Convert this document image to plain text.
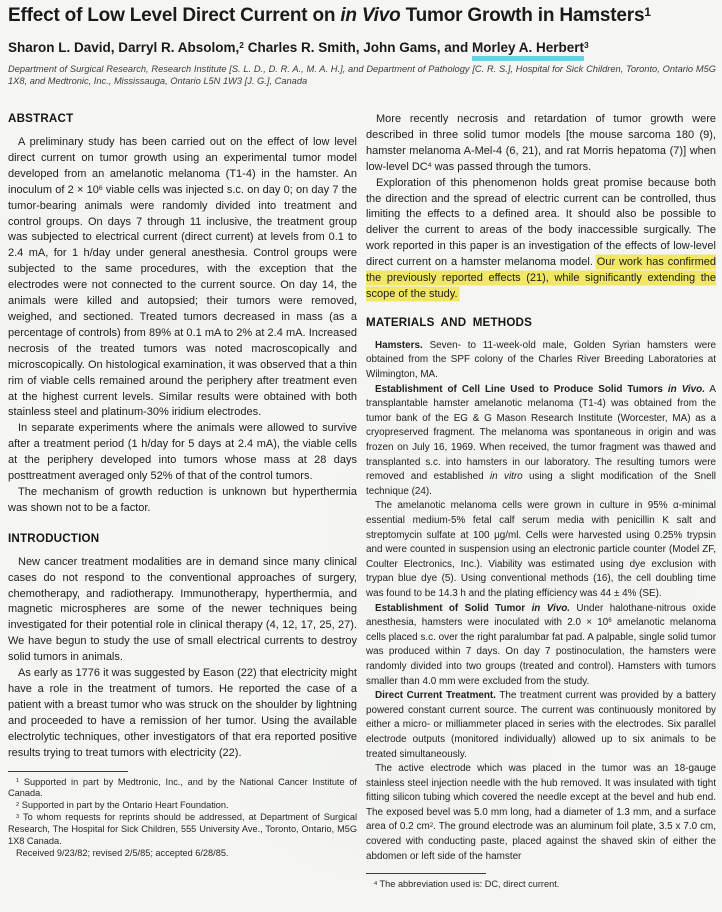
Effect of Low Level Direct Current on in Vivo Tumor Growth in Hamsters$^1$
Sharon L. David, Darryl R. Absolom,$^2$ Charles R. Smith, John Gams, and Morley A. Herbert$^3$
Department of Surgical Research, Research Institute [S. L. D., D. R. A., M. A. H.], and Department of Pathology [C. R. S.], Hospital for Sick Children, Toronto, Ontario M5G 1X8, and Medtronic, Inc., Mississauga, Ontario L5N 1W3 [J. G.], Canada
ABSTRACT

A preliminary study has been carried out on the effect of low level direct current on tumor growth using an experimental tumor model developed from an amelanotic melanoma (T1-4) in the hamster. An inoculum of $2 \times 10^6$ viable cells was injected s.c. on day 0; on day 7 the tumor-bearing animals were randomly divided into treatment and control groups. On days 7 through 11 inclusive, the treatment group was subjected to electrical current (direct current) at levels from 0.1 to 2.4 mA, for 1 h/day under general anesthesia. Control groups were subjected to the same procedures, with the exception that the electrodes were not connected to the current source. On day 14, the animals were killed and autopsied; their tumors were removed, weighed, and sectioned. Treated tumors decreased in mass (as a percentage of controls) from 89% at 0.1 mA to 2% at 2.4 mA. Increased necrosis of the treated tumors was noted macroscopically and microscopically. On histological examination, it was observed that a thin rim of viable cells remained around the periphery after treatment even at the highest current levels. Similar results were obtained with both stainless steel and platinum-30% iridium electrodes.

In separate experiments where the animals were allowed to survive after a treatment period (1 h/day for 5 days at 2.4 mA), the viable cells at the periphery developed into tumors whose mass at 28 days posttreatment averaged only 52% of that of the control tumors.

The mechanism of growth reduction is unknown but hyperthermia was shown not to be a factor.

INTRODUCTION

New cancer treatment modalities are in demand since many clinical cases do not respond to the conventional approaches of surgery, chemotherapy, and radiotherapy. Immunotherapy, hyperthermia, and magnetic microspheres are some of the newer techniques being investigated for their potential role in clinical therapy (4, 12, 17, 25, 27). We have begun to study the use of small electrical currents to destroy solid tumors in animals.

As early as 1776 it was suggested by Eason (22) that electricity might have a role in the treatment of tumors. He reported the case of a patient with a breast tumor who was struck on the shoulder by lightning and proceeded to have a remission of her tumor. Using the available electrolytic techniques, other investigators of that era reported positive results trying to treat tumors with electricity (22).

$^1$ Supported in part by Medtronic, Inc., and by the National Cancer Institute of Canada.

$^2$ Supported in part by the Ontario Heart Foundation.

$^3$ To whom requests for reprints should be addressed, at Department of Surgical Research, The Hospital for Sick Children, 555 University Ave., Toronto, Ontario, M5G 1X8 Canada.

Received 9/23/82; revised 2/5/85; accepted 6/28/85.

More recently necrosis and retardation of tumor growth were described in three solid tumor models [the mouse sarcoma 180 (9), hamster melanoma A-Mel-4 (6, 21), and rat Morris hepatoma (7)] when low-level $DC^4$ was passed through the tumors.

Exploration of this phenomenon holds great promise because both the direction and the spread of electric current can be controlled, thus limiting the effects to a defined area. It should also be possible to deliver the current to areas of the body inaccessible surgically. The work reported in this paper is an investigation of the effects of low-level direct current on a hamster melanoma model. Our work has confirmed the previously reported effects (21), while significantly extending the scope of the study.

MATERIALS AND METHODS

Hamsters. Seven- to 11-week-old male, Golden Syrian hamsters were obtained from the SPF colony of the Charles River Breeding Laboratories at Wilmington, MA.

Establishment of Cell Line Used to Produce Solid Tumors in Vivo. A transplantable hamster amelanotic melanoma (T1-4) was obtained from the tumor bank of the EG & G Mason Research Institute (Worcester, MA) as a cryopreserved fragment. The melanoma was spontaneous in origin and was frozen on July 16, 1969. When received, the tumor fragment was thawed and transplanted s.c. into hamsters in our laboratory. The resulting tumors were removed and established in vitro using a slight modification of the Snell technique (24).

The amelanotic melanoma cells were grown in culture in 95% α-minimal essential medium-5% fetal calf serum media with penicillin K salt and streptomycin sulfate at 100 μg/ml. Cells were harvested using 0.25% trypsin and were counted in suspension using an electronic particle counter (Model ZF, Coulter Electronics, Inc.). Viability was estimated using dye exclusion with trypan blue dye (5). Using conventional methods (16), the cell doubling time was found to be 14.3 h and the plating efficiency was 44 ± 4% (SE).

Establishment of Solid Tumor in Vivo. Under halothane-nitrous oxide anesthesia, hamsters were inoculated with $2.0 \times 10^6$ amelanotic melanoma cells placed s.c. over the right paralumbar fat pad. A palpable, single solid tumor was produced within 7 days. On day 7 postinoculation, the hamsters were randomly divided into two groups (treated and control). Hamsters with tumors smaller than 4.0 mm were excluded from the study.

Direct Current Treatment. The treatment current was provided by a battery powered constant current source. The current was continuously monitored by either a micro- or milliammeter placed in series with the electrodes. Six parallel electrode outputs (monitored individually) allowed up to six animals to be treated simultaneously.

The active electrode which was placed in the tumor was an 18-gauge stainless steel injection needle with the hub removed. It was insulated with tight fitting silicon tubing which covered the needle except at the bevel and hub end. The exposed bevel was 5.0 mm long, had a diameter of 1.3 mm, and a surface area of 0.2 $cm^2$. The ground electrode was an aluminum foil plate, 3.5 x 7.0 cm, covered with conducting paste, placed against the shaved skin of either the abdomen or left side of the hamster

$^4$ The abbreviation used is: DC, direct current.
